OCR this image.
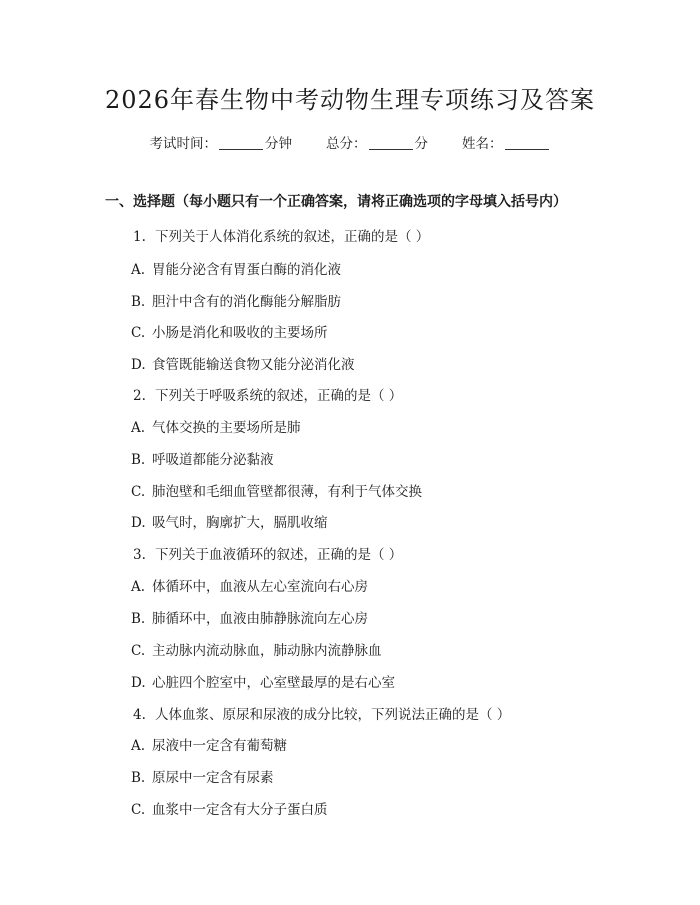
2026年春生物中考动物生理专项练习及答案
考试时间：	分钟	总分：	分	姓名：
一、选择题（每小题只有一个正确答案，请将正确选项的字母填入括号内）
1. 下列关于人体消化系统的叙述，正确的是（ ）
A. 胃能分泌含有胃蛋白酶的消化液
B. 胆汁中含有的消化酶能分解脂肪
C. 小肠是消化和吸收的主要场所
D. 食管既能输送食物又能分泌消化液
2. 下列关于呼吸系统的叙述，正确的是（ ）
A. 气体交换的主要场所是肺
B. 呼吸道都能分泌黏液
C. 肺泡壁和毛细血管壁都很薄，有利于气体交换
D. 吸气时，胸廓扩大，膈肌收缩
3. 下列关于血液循环的叙述，正确的是（ ）
A. 体循环中，血液从左心室流向右心房
B. 肺循环中，血液由肺静脉流向左心房
C. 主动脉内流动脉血，肺动脉内流静脉血
D. 心脏四个腔室中，心室壁最厚的是右心室
4. 人体血浆、原尿和尿液的成分比较，下列说法正确的是（ ）
A. 尿液中一定含有葡萄糖
B. 原尿中一定含有尿素
C. 血浆中一定含有大分子蛋白质
